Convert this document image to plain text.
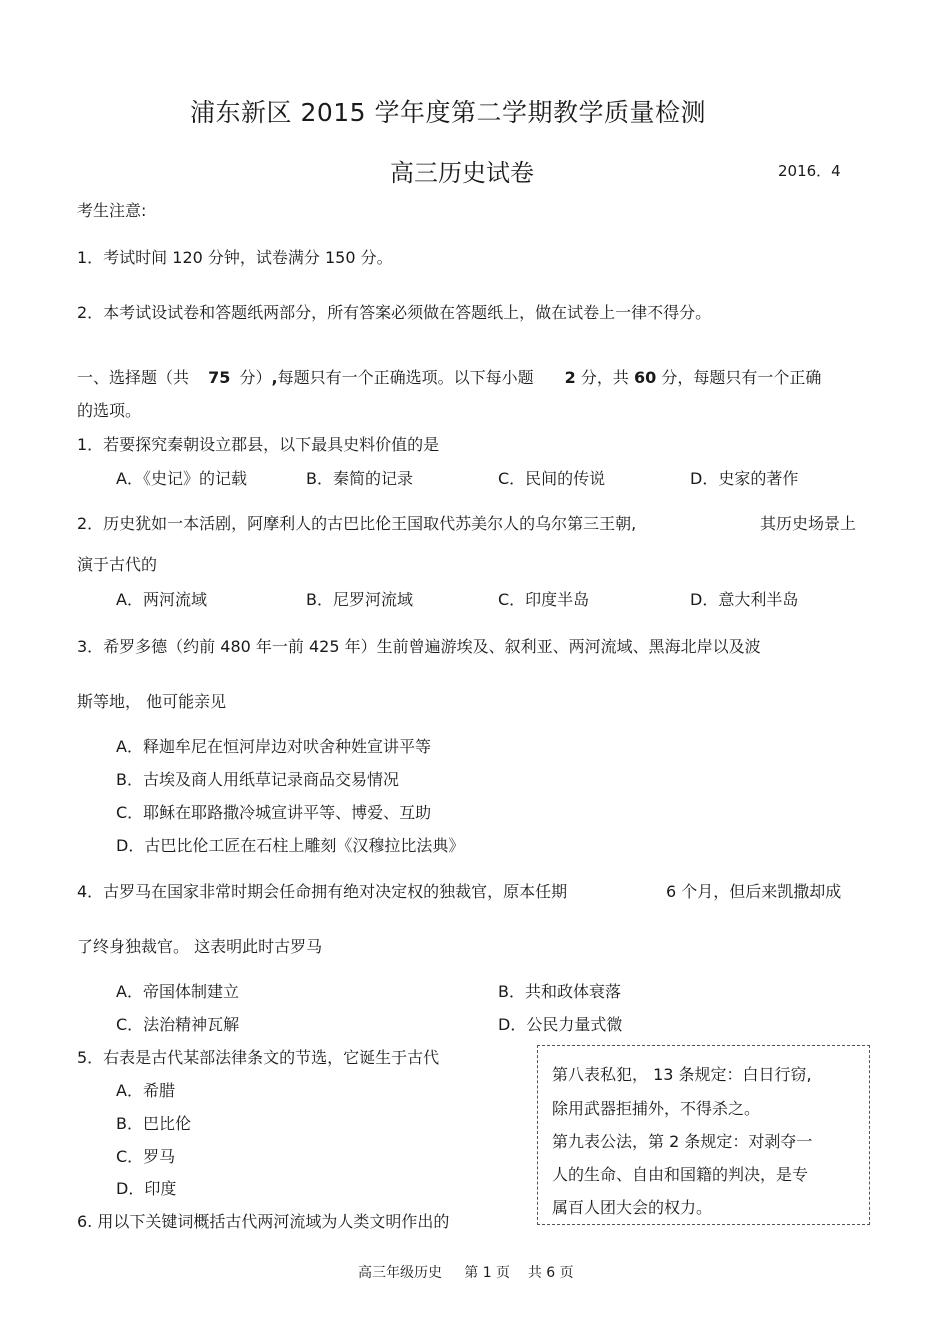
浦东新区 2015 学年度第二学期教学质量检测
高三历史试卷	2016．4
考生注意:
1．考试时间 120 分钟，试卷满分 150 分。
2．本考试设试卷和答题纸两部分，所有答案必须做在答题纸上，做在试卷上一律不得分。
一、选择题（共 75 分）,每题只有一个正确选项。以下每小题 2 分，共 60 分，每题只有一个正确
的选项。
1．若要探究秦朝设立郡县，以下最具史料价值的是
A．《史记》的记载	B．秦简的记录	C．民间的传说	D．史家的著作
2．历史犹如一本活剧，阿摩利人的古巴比伦王国取代苏美尔人的乌尔第三王朝,	其历史场景上
演于古代的
A．两河流域	B．尼罗河流域	C．印度半岛	D．意大利半岛
3．希罗多德（约前 480 年一前 425 年）生前曾遍游埃及、叙利亚、两河流域、黑海北岸以及波
斯等地， 他可能亲见
A．释迦牟尼在恒河岸边对吠舍种姓宣讲平等
B．古埃及商人用纸草记录商品交易情况
C．耶稣在耶路撒冷城宣讲平等、博爱、互助
D．古巴比伦工匠在石柱上雕刻《汉穆拉比法典》
4．古罗马在国家非常时期会任命拥有绝对决定权的独裁官，原本任期	6 个月，但后来凯撒却成
了终身独裁官。 这表明此时古罗马
A．帝国体制建立	B．共和政体衰落
C．法治精神瓦解	D．公民力量式微
5．右表是古代某部法律条文的节选，它诞生于古代
A．希腊
B．巴比伦
C．罗马
D．印度
6. 用以下关键词概括古代两河流域为人类文明作出的
第八表私犯， 13 条规定：白日行窃,
除用武器拒捕外，不得杀之。
第九表公法，第 2 条规定：对剥夺一
人的生命、自由和国籍的判决，是专
属百人团大会的权力。
高三年级历史     第 1 页    共 6 页
